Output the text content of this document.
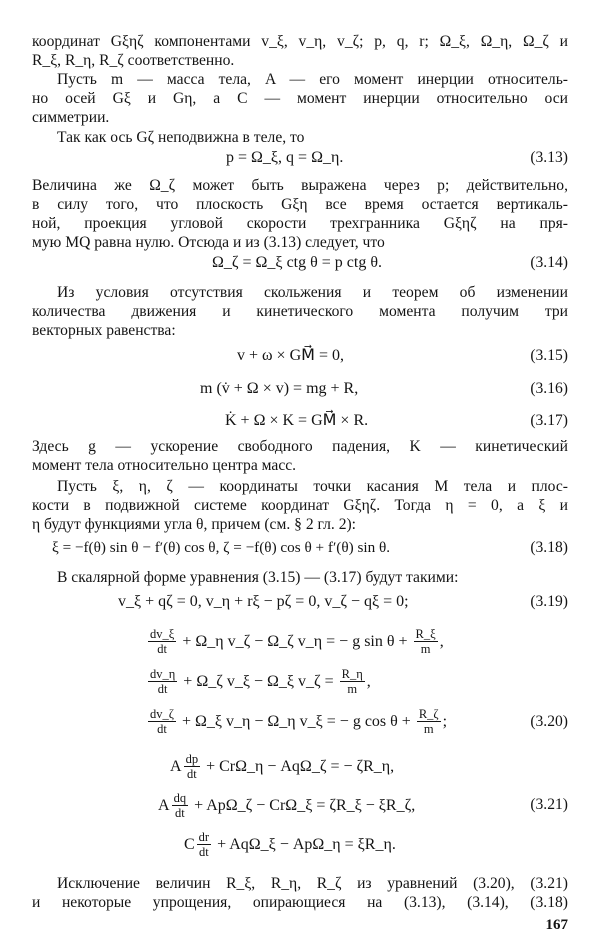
координат Gξηζ компонентами v_ξ, v_η, v_ζ; p, q, r; Ω_ξ, Ω_η, Ω_ζ и
R_ξ, R_η, R_ζ соответственно.
Пусть m — масса тела, A — его момент инерции относитель-
но осей Gξ и Gη, а C — момент инерции относительно оси
симметрии.
Так как ось Gζ неподвижна в теле, то
p = Ω_ξ, q = Ω_η.	(3.13)
Величина же Ω_ζ может быть выражена через p; действительно,
в силу того, что плоскость Gξη все время остается вертикаль-
ной, проекция угловой скорости трехгранника Gξηζ на пря-
мую MQ равна нулю. Отсюда и из (3.13) следует, что
Ω_ζ = Ω_ξ ctg θ = p ctg θ.	(3.14)
Из условия отсутствия скольжения и теорем об изменении
количества движения и кинетического момента получим три
векторных равенства:
v + ω × GM⃗ = 0,	(3.15)
m (v̇ + Ω × v) = mg + R,	(3.16)
K̇ + Ω × K = GM⃗ × R.	(3.17)
Здесь g — ускорение свободного падения, K — кинетический
момент тела относительно центра масс.
Пусть ξ, η, ζ — координаты точки касания M тела и плос-
кости в подвижной системе координат Gξηζ. Тогда η = 0, а ξ и
η будут функциями угла θ, причем (см. § 2 гл. 2):
ξ = −f(θ) sin θ − f′(θ) cos θ, ζ = −f(θ) cos θ + f′(θ) sin θ.	(3.18)
В скалярной форме уравнения (3.15) — (3.17) будут такими:
v_ξ + qζ = 0, v_η + rξ − pζ = 0, v_ζ − qξ = 0;	(3.19)
$\frac{dv\_\xi}{dt}$ + Ω_η v_ζ − Ω_ζ v_η = − g $\sin \theta + \frac{R\_\xi}{m}$ ,
$\frac{dv\_\eta}{dt}$ + Ω_ζ v_ξ − Ω_ξ v_ζ = $\frac{R\_\eta}{m}$ ,
$\frac{dv\_\zeta}{dt}$ + Ω_ξ v_η − Ω_η v_ξ = − g $\cos \theta + \frac{R\_\zeta}{m}$ ;	(3.20)
A $\frac{dp}{dt}$ + CrΩ_η − AqΩ_ζ = − ζR_η,
A $\frac{dq}{dt}$ + ApΩ_ζ − CrΩ_ξ = ζR_ξ − ξR_ζ,	(3.21)
C $\frac{dr}{dt}$ + AqΩ_ξ − ApΩ_η = ξR_η.
Исключение величин R_ξ, R_η, R_ζ из уравнений (3.20), (3.21)
и некоторые упрощения, опирающиеся на (3.13), (3.14), (3.18)
167
